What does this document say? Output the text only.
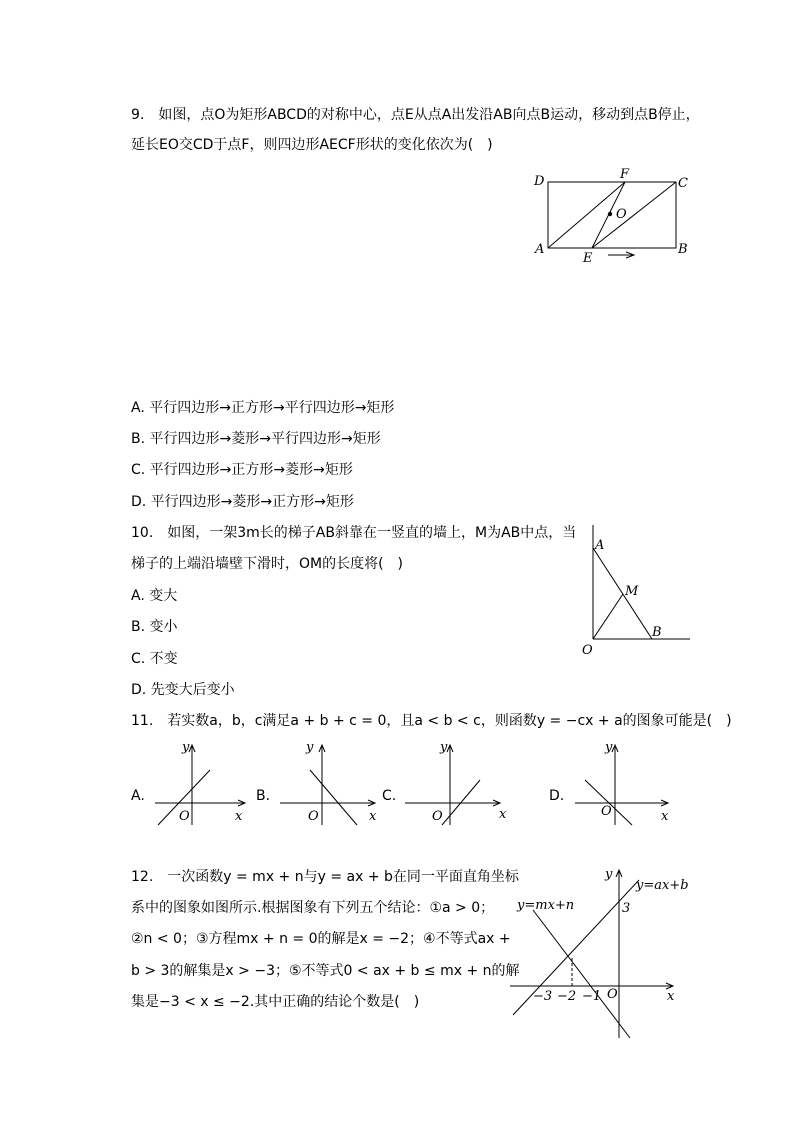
9.　如图，点O为矩形ABCD的对称中心，点E从点A出发沿AB向点B运动，移动到点B停止，
延长EO交CD于点F，则四边形AECF形状的变化依次为(　)
D	F
C
O
A
E
B
A. 平行四边形→正方形→平行四边形→矩形
B. 平行四边形→菱形→平行四边形→矩形
C. 平行四边形→正方形→菱形→矩形
D. 平行四边形→菱形→正方形→矩形
10.　如图，一架3m长的梯子AB斜靠在一竖直的墙上，M为AB中点，当
梯子的上端沿墙壁下滑时，OM的长度将(　)
A
M
B
O
A. 变大
B. 变小
C. 不变
D. 先变大后变小
11.　若实数a，b，c满足a + b + c = 0，且a < b < c，则函数y = −cx + a的图象可能是(　)
A.
y
O	x
B.
y
O	x
C.
y
O	x
D.
y
O	x
12.　一次函数y = mx + n与y = ax + b在同一平面直角坐标
系中的图象如图所示.根据图象有下列五个结论：①a > 0；
②n < 0；③方程mx + n = 0的解是x = −2；④不等式ax +
b > 3的解集是x > −3；⑤不等式0 < ax + b ≤ mx + n的解
集是−3 < x ≤ −2.其中正确的结论个数是(　)
y
y=ax+b
y=mx+n	3
−3 −2 −1 O	x
